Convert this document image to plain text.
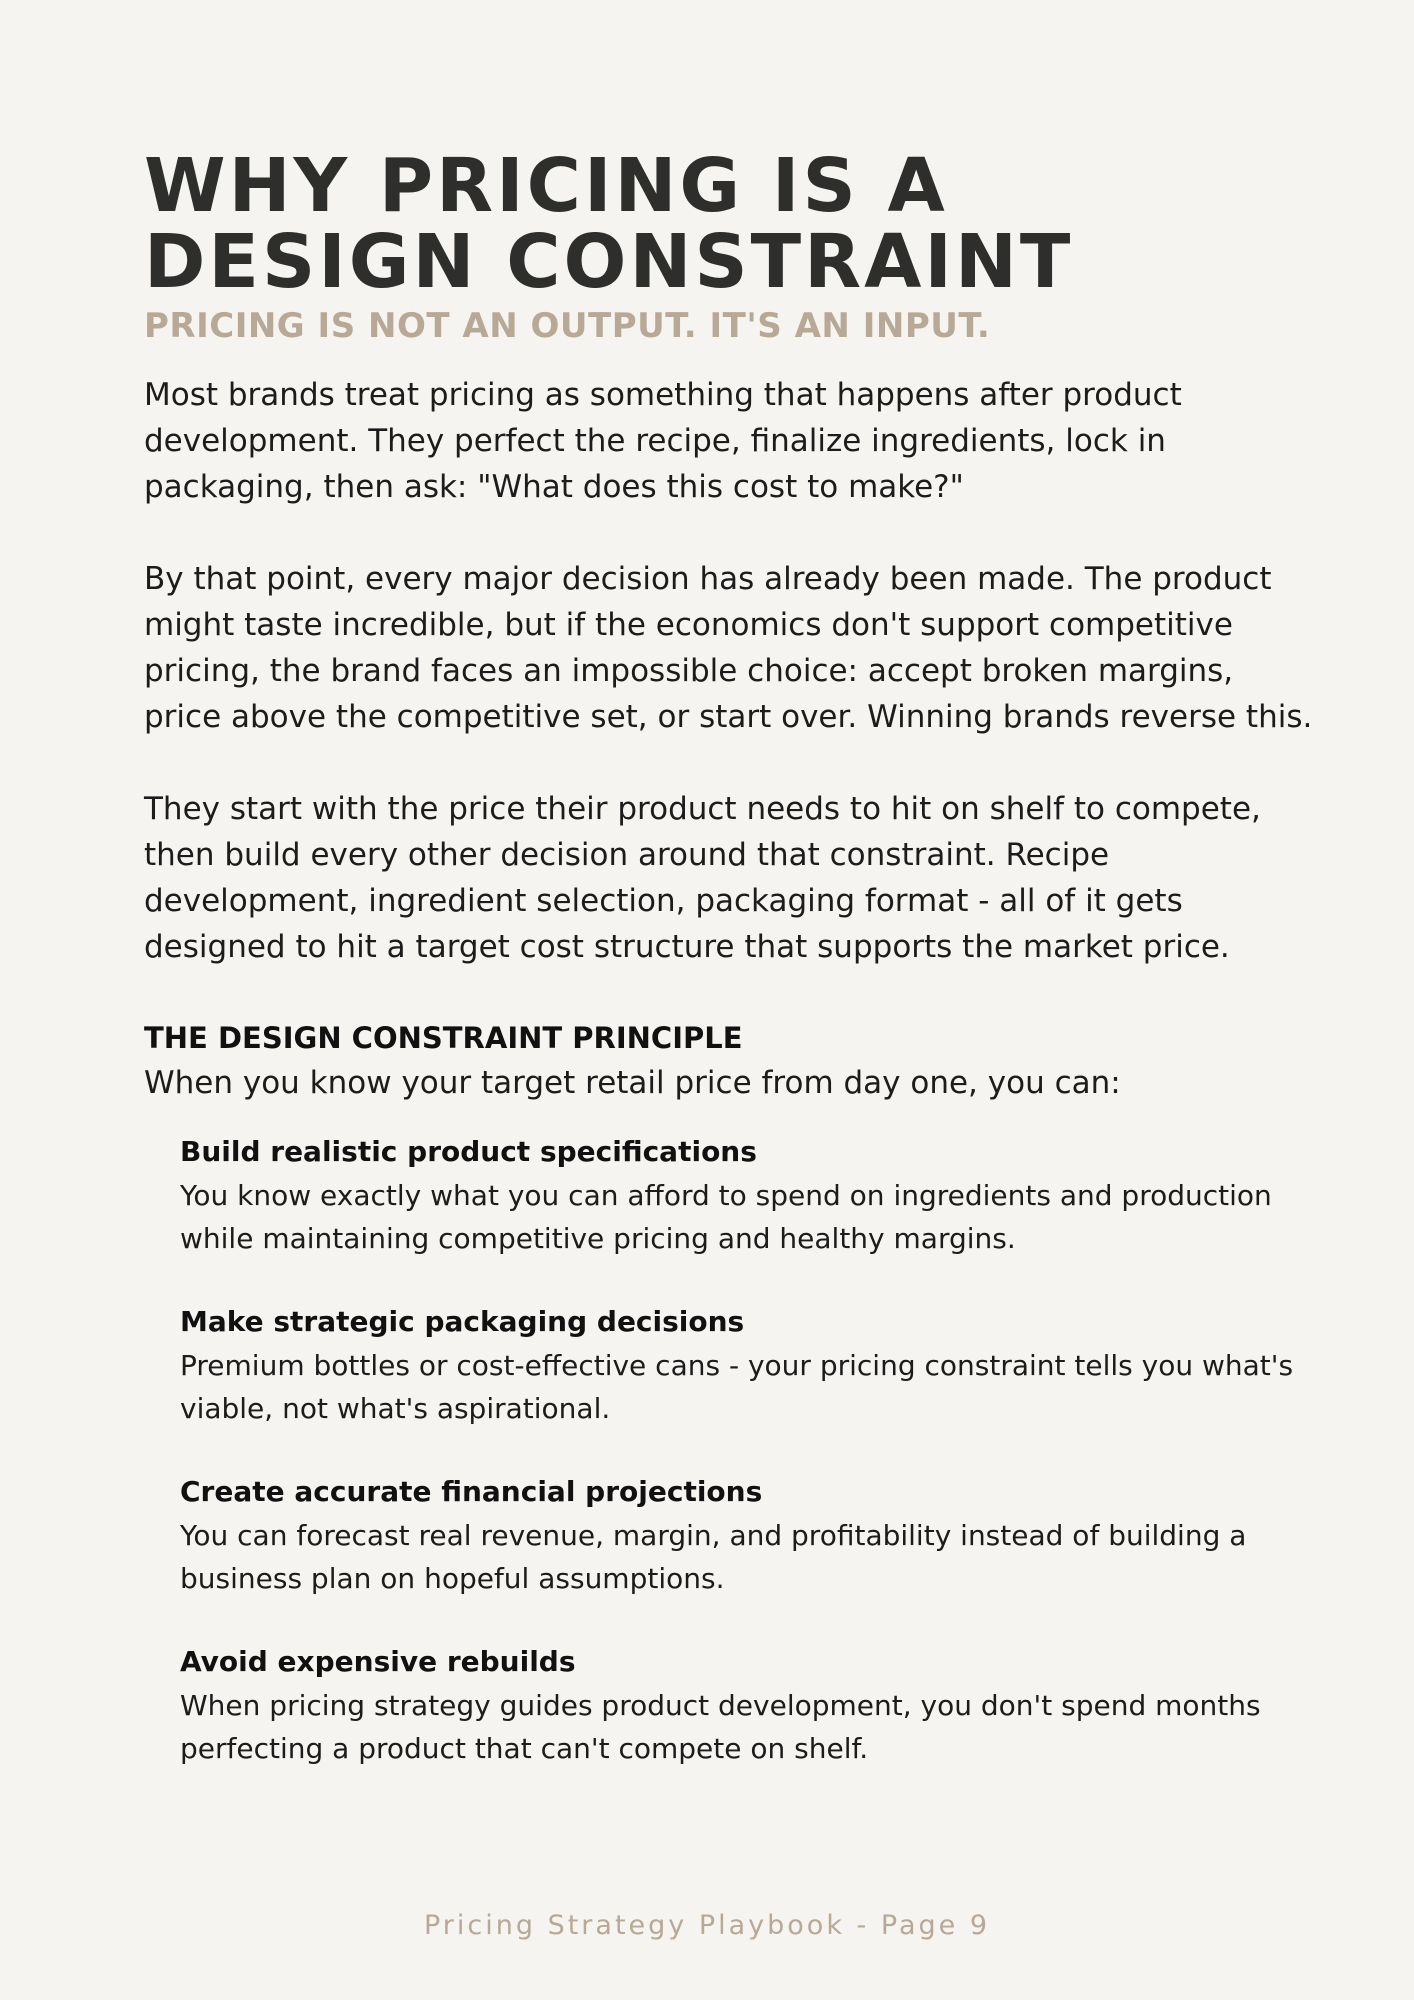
WHY PRICING IS A
DESIGN CONSTRAINT
PRICING IS NOT AN OUTPUT. IT'S AN INPUT.

Most brands treat pricing as something that happens after product development. They perfect the recipe, finalize ingredients, lock in packaging, then ask: "What does this cost to make?"

By that point, every major decision has already been made. The product might taste incredible, but if the economics don't support competitive pricing, the brand faces an impossible choice: accept broken margins, price above the competitive set, or start over. Winning brands reverse this.

They start with the price their product needs to hit on shelf to compete, then build every other decision around that constraint. Recipe development, ingredient selection, packaging format - all of it gets designed to hit a target cost structure that supports the market price.

THE DESIGN CONSTRAINT PRINCIPLE

When you know your target retail price from day one, you can:

Build realistic product specifications
You know exactly what you can afford to spend on ingredients and production while maintaining competitive pricing and healthy margins.
Make strategic packaging decisions
Premium bottles or cost-effective cans - your pricing constraint tells you what's viable, not what's aspirational.
Create accurate financial projections
You can forecast real revenue, margin, and profitability instead of building a business plan on hopeful assumptions.
Avoid expensive rebuilds
When pricing strategy guides product development, you don't spend months perfecting a product that can't compete on shelf.
Pricing Strategy Playbook - Page 9
